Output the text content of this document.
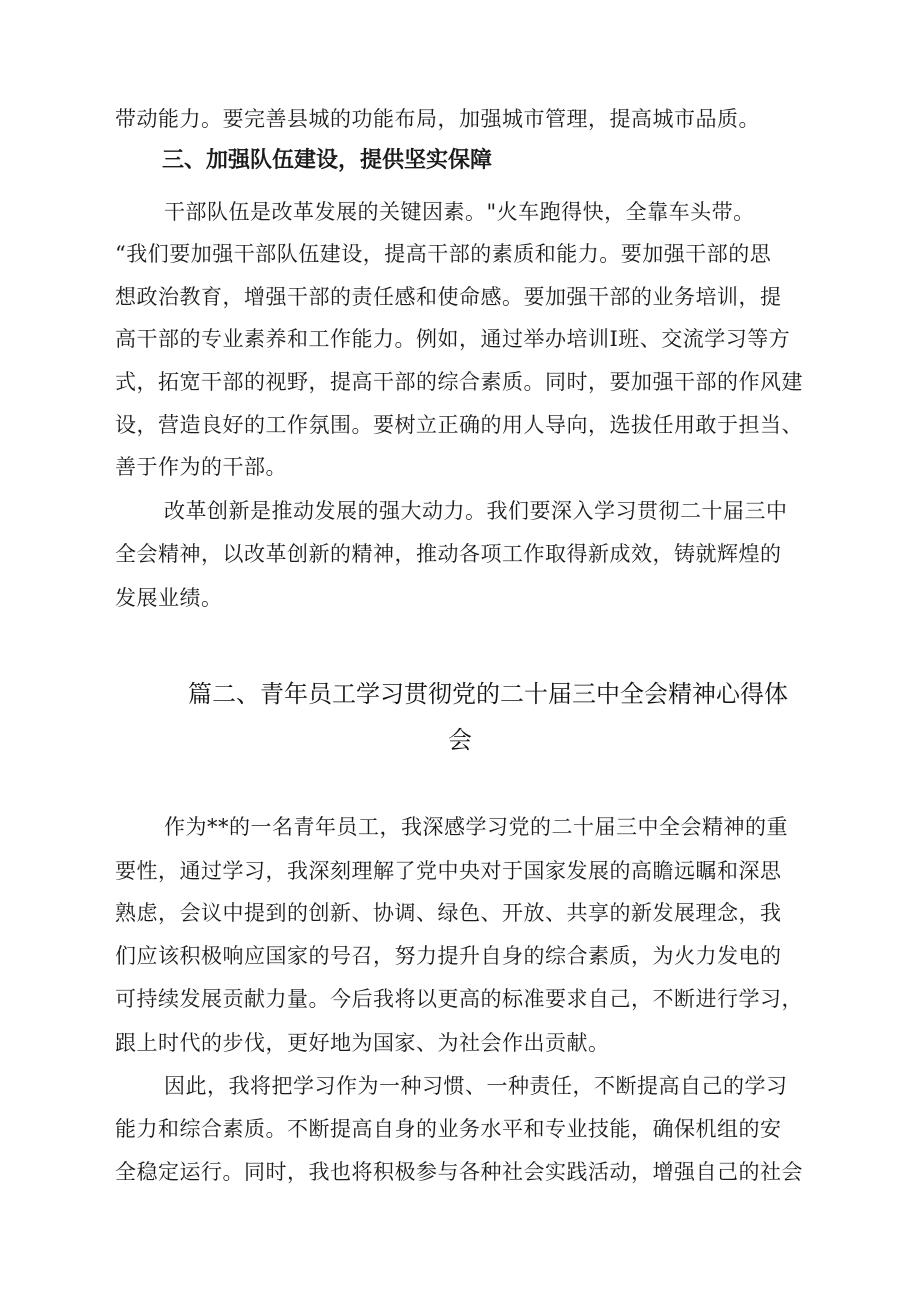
带动能力。要完善县城的功能布局，加强城市管理，提高城市品质。
三、加强队伍建设，提供坚实保障
干部队伍是改革发展的关键因素。"火车跑得快，全靠车头带。
“我们要加强干部队伍建设，提高干部的素质和能力。要加强干部的思
想政治教育，增强干部的责任感和使命感。要加强干部的业务培训，提
高干部的专业素养和工作能力。例如，通过举办培训Ⅰ班、交流学习等方
式，拓宽干部的视野，提高干部的综合素质。同时，要加强干部的作风建
设，营造良好的工作氛围。要树立正确的用人导向，选拔任用敢于担当、
善于作为的干部。
改革创新是推动发展的强大动力。我们要深入学习贯彻二十届三中
全会精神，以改革创新的精神，推动各项工作取得新成效，铸就辉煌的
发展业绩。
篇二、青年员工学习贯彻党的二十届三中全会精神心得体
会
作为**的一名青年员工，我深感学习党的二十届三中全会精神的重
要性，通过学习，我深刻理解了党中央对于国家发展的高瞻远瞩和深思
熟虑，会议中提到的创新、协调、绿色、开放、共享的新发展理念，我
们应该积极响应国家的号召，努力提升自身的综合素质，为火力发电的
可持续发展贡献力量。今后我将以更高的标准要求自己，不断进行学习，
跟上时代的步伐，更好地为国家、为社会作出贡献。
因此，我将把学习作为一种习惯、一种责任，不断提高自己的学习
能力和综合素质。不断提高自身的业务水平和专业技能，确保机组的安
全稳定运行。同时，我也将积极参与各种社会实践活动，增强自己的社会
